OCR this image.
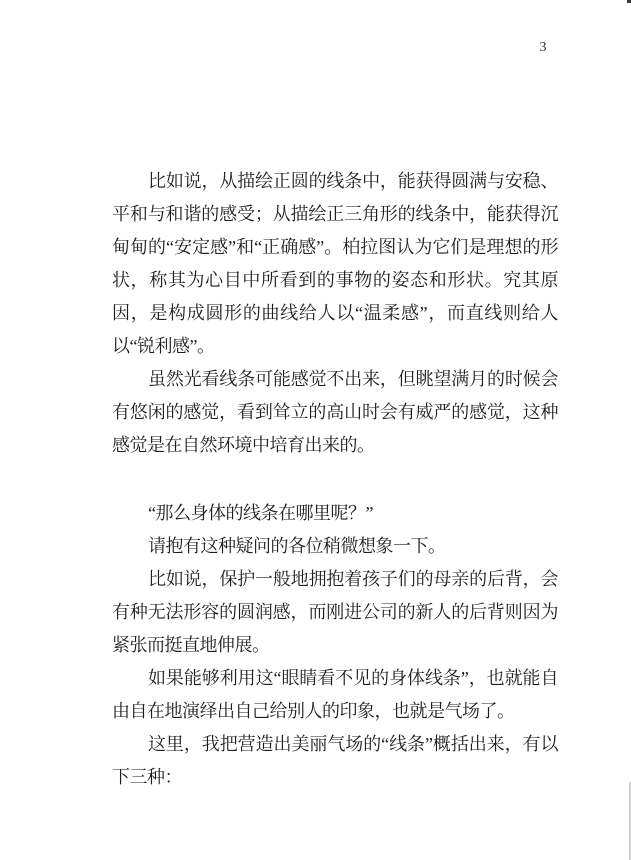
3

比如说，从描绘正圆的线条中，能获得圆满与安稳、平和与和谐的感受；从描绘正三角形的线条中，能获得沉甸甸的“安定感”和“正确感”。柏拉图认为它们是理想的形状，称其为心目中所看到的事物的姿态和形状。究其原因，是构成圆形的曲线给人以“温柔感”，而直线则给人以“锐利感”。

虽然光看线条可能感觉不出来，但眺望满月的时候会有悠闲的感觉，看到耸立的高山时会有威严的感觉，这种感觉是在自然环境中培育出来的。

“那么身体的线条在哪里呢？”

请抱有这种疑问的各位稍微想象一下。

比如说，保护一般地拥抱着孩子们的母亲的后背，会有种无法形容的圆润感，而刚进公司的新人的后背则因为紧张而挺直地伸展。

如果能够利用这“眼睛看不见的身体线条”，也就能自由自在地演绎出自己给别人的印象，也就是气场了。

这里，我把营造出美丽气场的“线条”概括出来，有以下三种：
